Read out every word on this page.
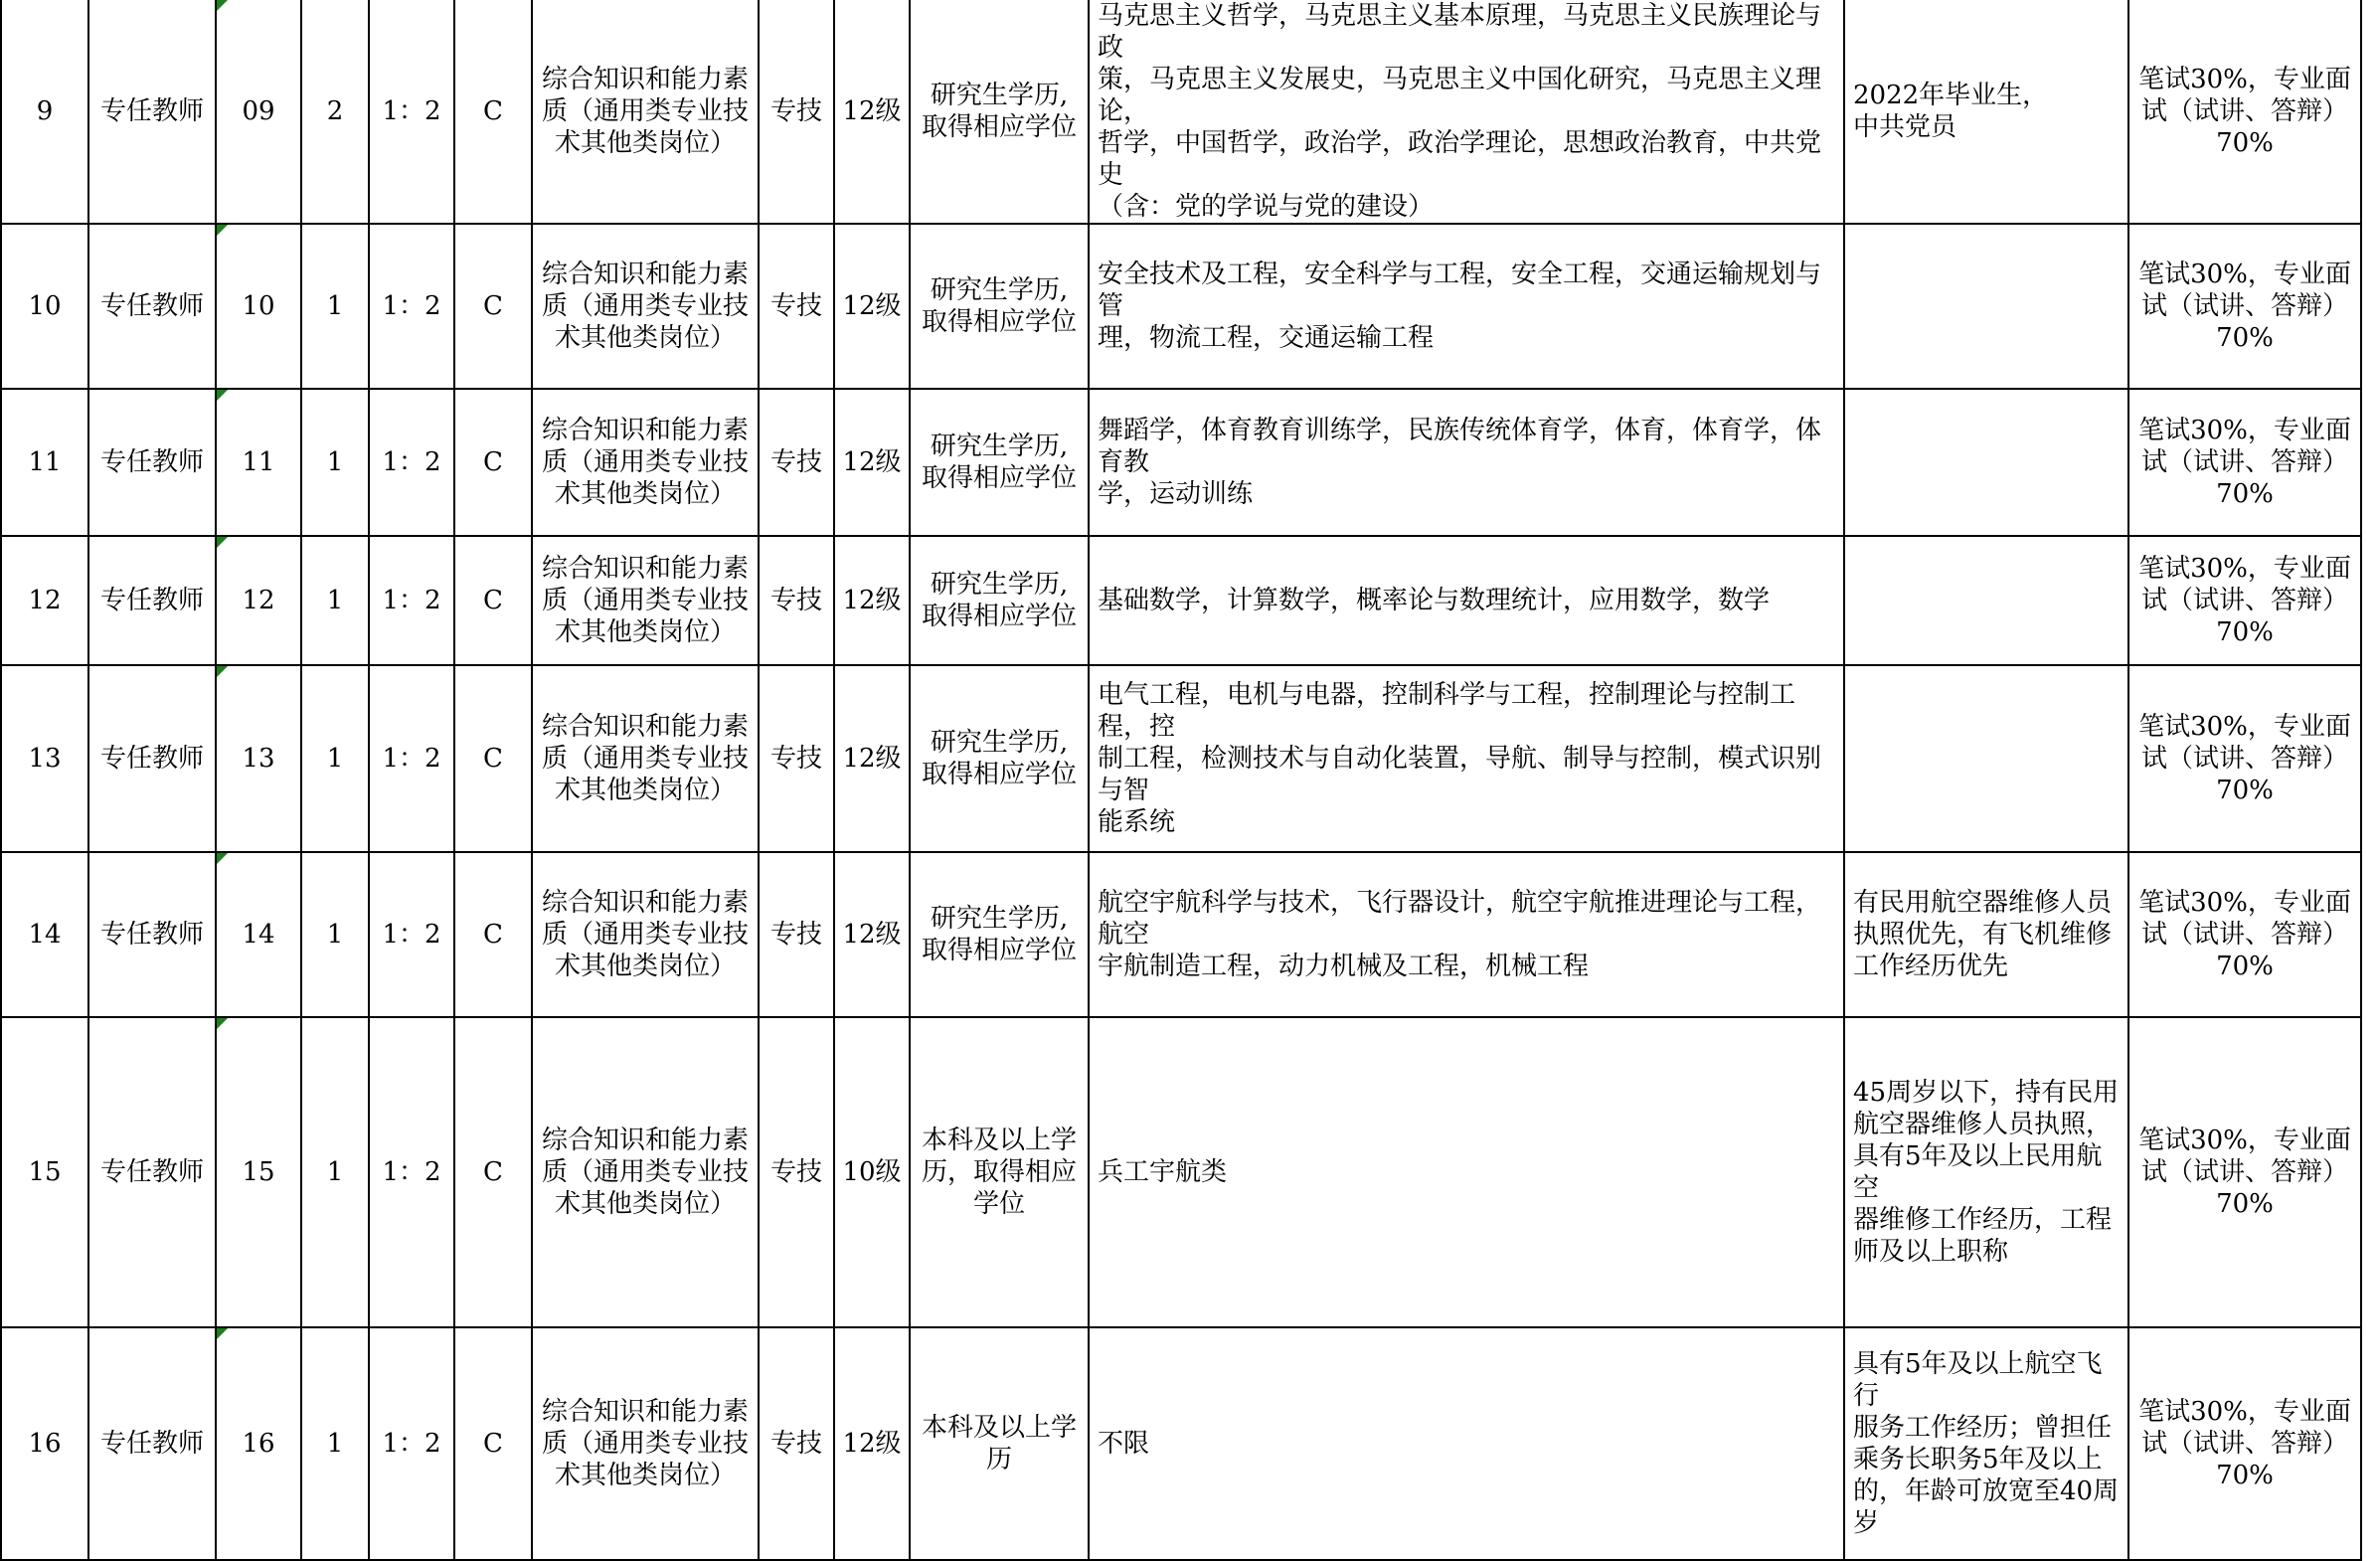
9	专任教师	09	2	1：2	C	综合知识和能力素
质（通用类专业技
术其他类岗位）	专技	12级	研究生学历,
取得相应学位	马克思主义哲学，马克思主义基本原理，马克思主义民族理论与政
策，马克思主义发展史，马克思主义中国化研究，马克思主义理论，
哲学，中国哲学，政治学，政治学理论，思想政治教育，中共党史
（含：党的学说与党的建设）	2022年毕业生，
中共党员	笔试30%，专业面
试（试讲、答辩）
70%

10	专任教师	10	1	1：2	C	综合知识和能力素
质（通用类专业技
术其他类岗位）	专技	12级	研究生学历,
取得相应学位	安全技术及工程，安全科学与工程，安全工程，交通运输规划与管
理，物流工程，交通运输工程		笔试30%，专业面
试（试讲、答辩）
70%

11	专任教师	11	1	1：2	C	综合知识和能力素
质（通用类专业技
术其他类岗位）	专技	12级	研究生学历,
取得相应学位	舞蹈学，体育教育训练学，民族传统体育学，体育，体育学，体育教
学，运动训练		笔试30%，专业面
试（试讲、答辩）
70%

12	专任教师	12	1	1：2	C	综合知识和能力素
质（通用类专业技
术其他类岗位）	专技	12级	研究生学历,
取得相应学位	基础数学，计算数学，概率论与数理统计，应用数学，数学		笔试30%，专业面
试（试讲、答辩）
70%

13	专任教师	13	1	1：2	C	综合知识和能力素
质（通用类专业技
术其他类岗位）	专技	12级	研究生学历,
取得相应学位	电气工程，电机与电器，控制科学与工程，控制理论与控制工程，控
制工程，检测技术与自动化装置，导航、制导与控制，模式识别与智
能系统		笔试30%，专业面
试（试讲、答辩）
70%

14	专任教师	14	1	1：2	C	综合知识和能力素
质（通用类专业技
术其他类岗位）	专技	12级	研究生学历,
取得相应学位	航空宇航科学与技术，飞行器设计，航空宇航推进理论与工程，航空
宇航制造工程，动力机械及工程，机械工程	有民用航空器维修人员
执照优先，有飞机维修
工作经历优先	笔试30%，专业面
试（试讲、答辩）
70%

15	专任教师	15	1	1：2	C	综合知识和能力素
质（通用类专业技
术其他类岗位）	专技	10级	本科及以上学
历，取得相应
学位	兵工宇航类	45周岁以下，持有民用
航空器维修人员执照，
具有5年及以上民用航空
器维修工作经历，工程
师及以上职称	笔试30%，专业面
试（试讲、答辩）
70%

16	专任教师	16	1	1：2	C	综合知识和能力素
质（通用类专业技
术其他类岗位）	专技	12级	本科及以上学
历	不限	具有5年及以上航空飞行
服务工作经历；曾担任
乘务长职务5年及以上
的，年龄可放宽至40周
岁	笔试30%，专业面
试（试讲、答辩）
70%
